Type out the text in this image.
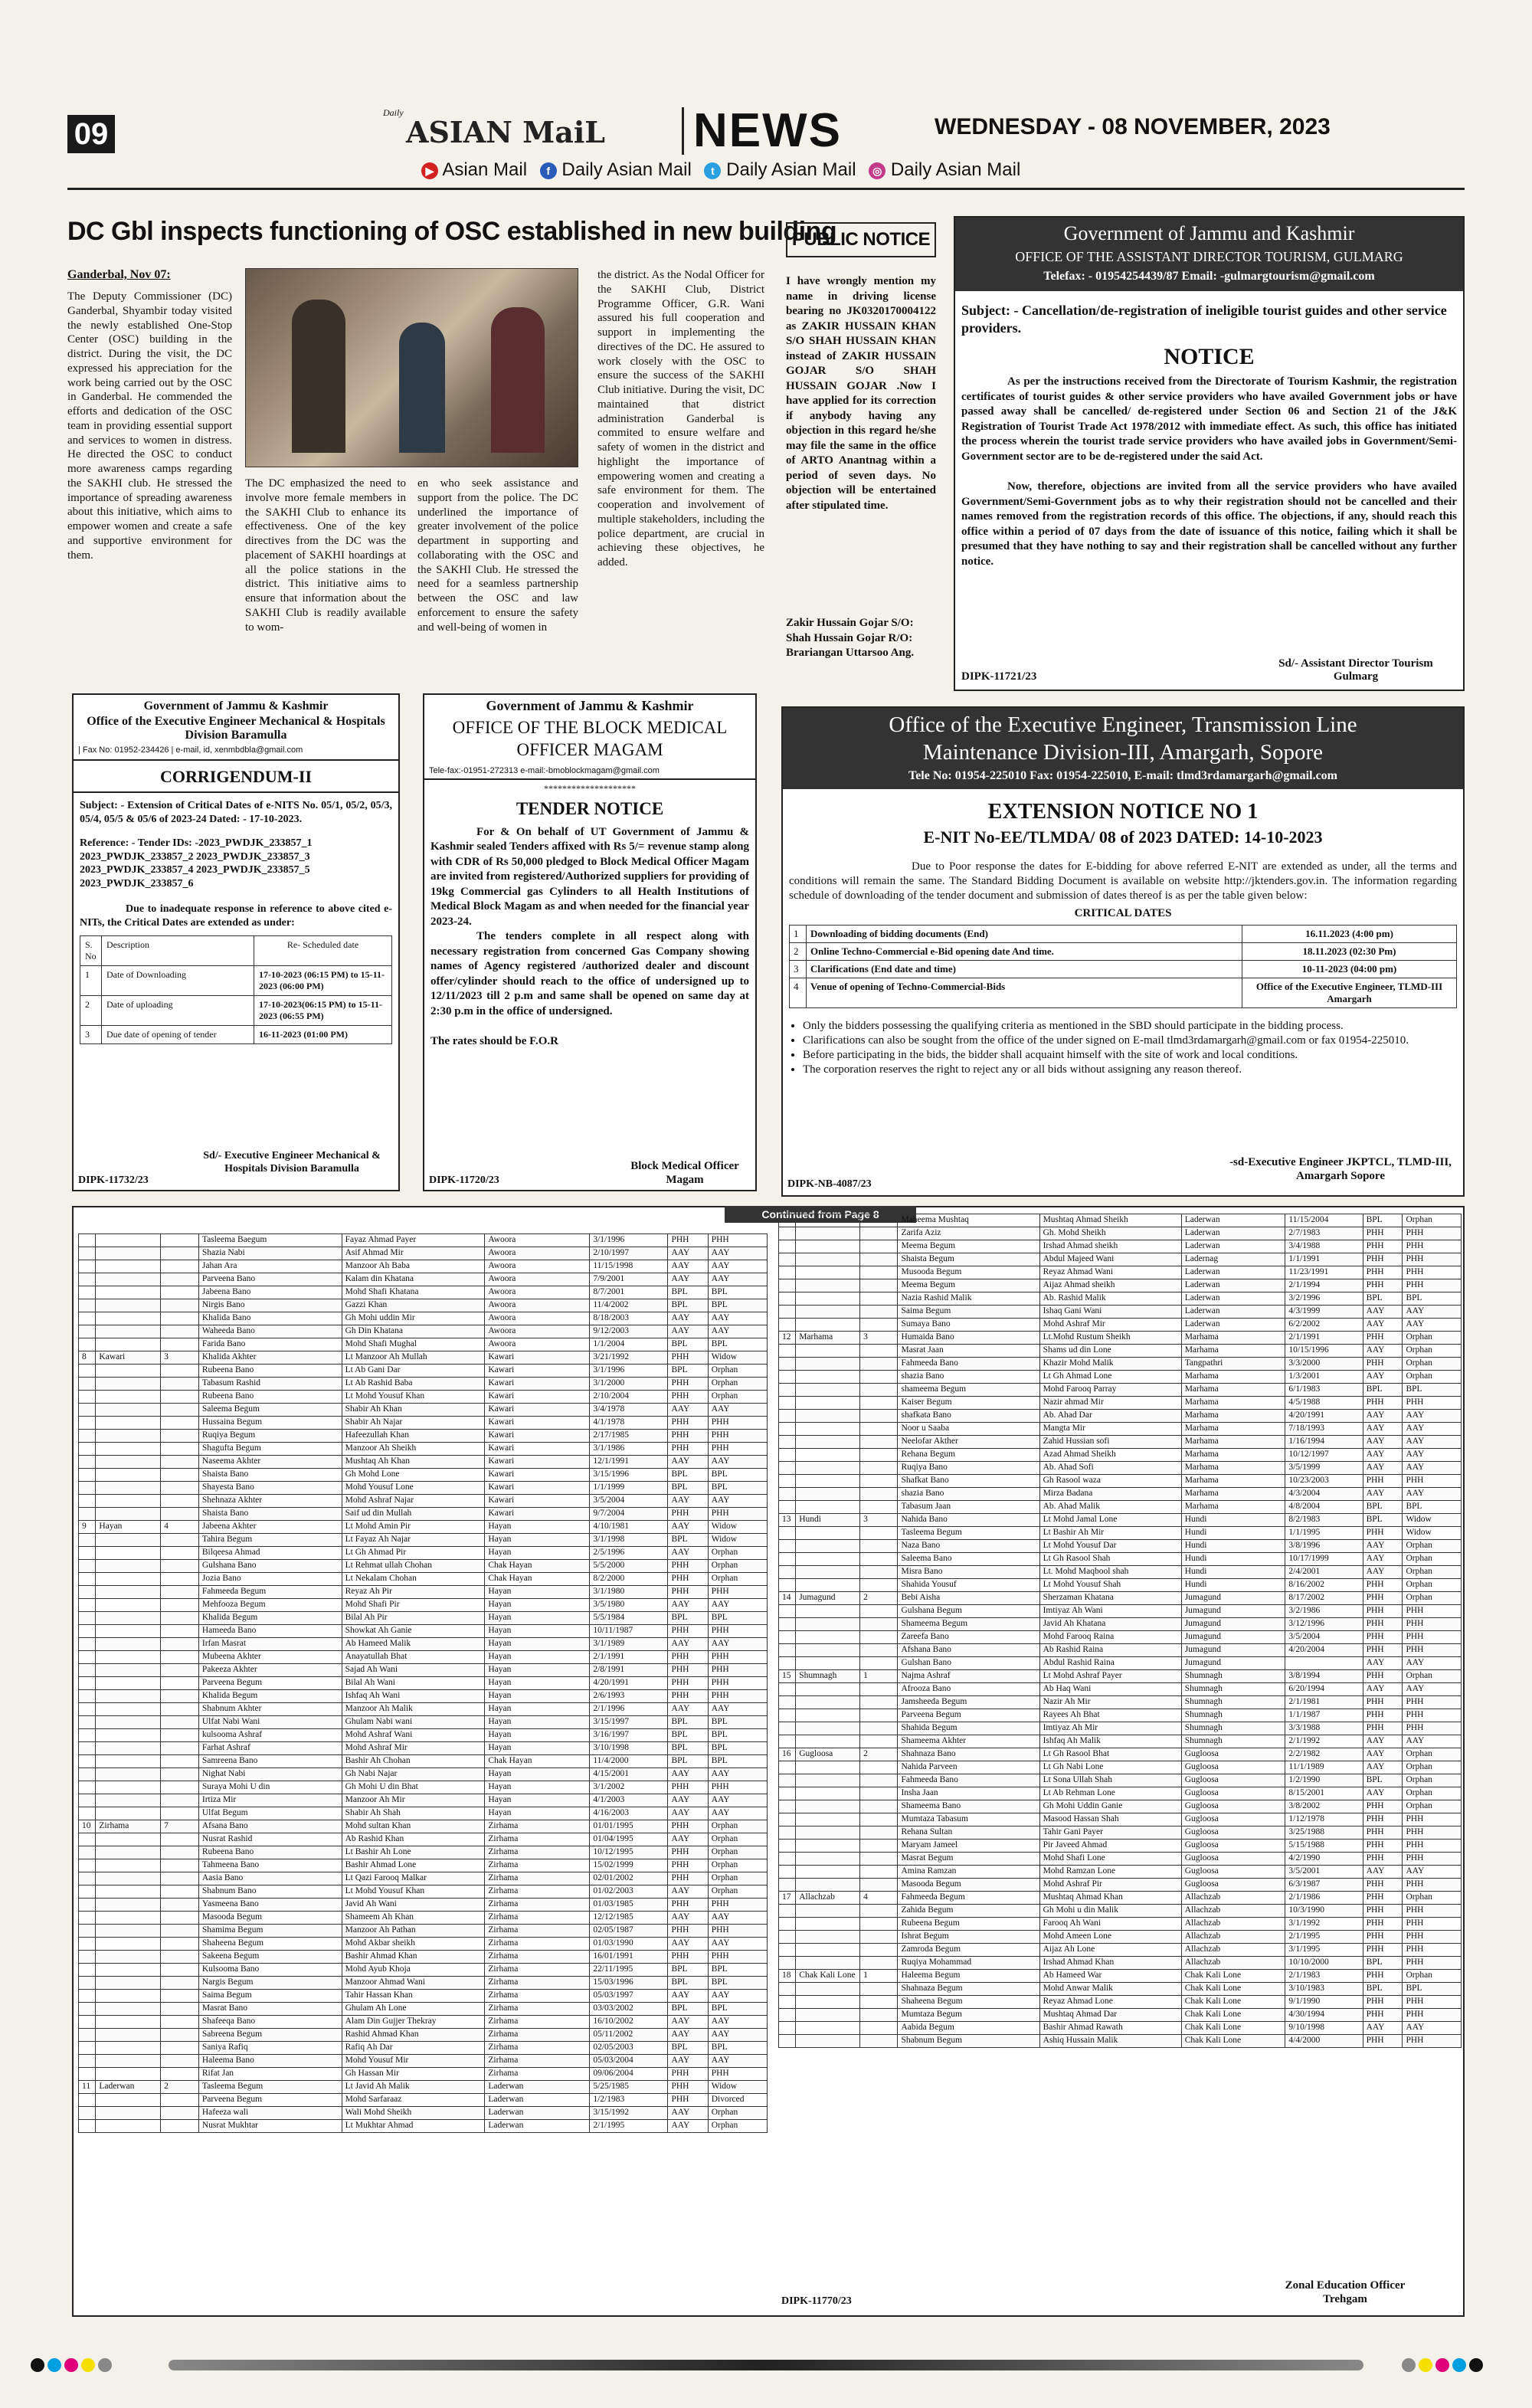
09
Daily
ASIAN MaiL	NEWS	WEDNESDAY - 08 NOVEMBER, 2023
▶ Asian Mail f Daily Asian Mail t Daily Asian Mail ◎ Daily Asian Mail
DC Gbl inspects functioning of OSC established in new building
Ganderbal, Nov 07:

The Deputy Commissioner (DC) Ganderbal, Shyambir today visited the newly established One-Stop Center (OSC) building in the district. During the visit, the DC expressed his appreciation for the work being carried out by the OSC in Ganderbal. He commended the efforts and dedication of the OSC team in providing essential support and services to women in distress. He directed the OSC to conduct more awareness camps regarding the SAKHI club. He stressed the importance of spreading awareness about this initiative, which aims to empower women and create a safe and supportive environment for them.

The DC emphasized the need to involve more female members in the SAKHI Club to enhance its effectiveness. One of the key directives from the DC was the placement of SAKHI hoardings at all the police stations in the district. This initiative aims to ensure that information about the SAKHI Club is readily available to wom-

en who seek assistance and support from the police. The DC underlined the importance of greater involvement of the police department in supporting and collaborating with the OSC and the SAKHI Club. He stressed the need for a seamless partnership between the OSC and law enforcement to ensure the safety and well-being of women in

the district. As the Nodal Officer for the SAKHI Club, District Programme Officer, G.R. Wani assured his full cooperation and support in implementing the directives of the DC. He assured to work closely with the OSC to ensure the success of the SAKHI Club initiative. During the visit, DC maintained that district administration Ganderbal is commited to ensure welfare and safety of women in the district and highlight the importance of empowering women and creating a safe environment for them. The cooperation and involvement of multiple stakeholders, including the police department, are crucial in achieving these objectives, he added.

PUBLIC NOTICE

I have wrongly mention my name in driving license bearing no JK0320170004122 as ZAKIR HUSSAIN KHAN S/O SHAH HUSSAIN KHAN instead of ZAKIR HUSSAIN GOJAR S/O SHAH HUSSAIN GOJAR .Now I have applied for its correction if anybody having any objection in this regard he/she may file the same in the office of ARTO Anantnag within a period of seven days. No objection will be entertained after stipulated time.

Zakir Hussain Gojar S/O: Shah Hussain Gojar R/O: Brariangan Uttarsoo Ang.

Government of Jammu and Kashmir
OFFICE OF THE ASSISTANT DIRECTOR TOURISM, GULMARG
Telefax: - 01954254439/87 Email: -gulmargtourism@gmail.com

Subject: - Cancellation/de-registration of ineligible tourist guides and other service providers.

NOTICE

As per the instructions received from the Directorate of Tourism Kashmir, the registration certificates of tourist guides & other service providers who have availed Government jobs or have passed away shall be cancelled/ de-registered under Section 06 and Section 21 of the J&K Registration of Tourist Trade Act 1978/2012 with immediate effect. As such, this office has initiated the process wherein the tourist trade service providers who have availed jobs in Government/Semi-Government sector are to be de-registered under the said Act.

Now, therefore, objections are invited from all the service providers who have availed Government/Semi-Government jobs as to why their registration should not be cancelled and their names removed from the registration records of this office. The objections, if any, should reach this office within a period of 07 days from the date of issuance of this notice, failing which it shall be presumed that they have nothing to say and their registration shall be cancelled without any further notice.

DIPK-11721/23
Sd/- Assistant Director Tourism Gulmarg
Government of Jammu & Kashmir
Office of the Executive Engineer Mechanical & Hospitals Division Baramulla
| Fax No: 01952-234426 | e-mail, id, xenmbdbla@gmail.com
CORRIGENDUM-II

Subject: - Extension of Critical Dates of e-NITS No. 05/1, 05/2, 05/3, 05/4, 05/5 & 05/6 of 2023-24 Dated: - 17-10-2023.

Reference: - Tender IDs: -2023_PWDJK_233857_1 2023_PWDJK_233857_2 2023_PWDJK_233857_3 2023_PWDJK_233857_4 2023_PWDJK_233857_5 2023_PWDJK_233857_6

Due to inadequate response in reference to above cited e-NITs, the Critical Dates are extended as under:

S. No	Description	Re- Scheduled date
1	Date of Downloading	17-10-2023 (06:15 PM) to 15-11-2023 (06:00 PM)
2	Date of uploading	17-10-2023(06:15 PM) to 15-11-2023 (06:55 PM)
3	Due date of opening of tender	16-11-2023 (01:00 PM)
Sd/- Executive Engineer Mechanical & Hospitals Division Baramulla
DIPK-11732/23
Government of Jammu & Kashmir
OFFICE OF THE BLOCK MEDICAL OFFICER MAGAM
Tele-fax:-01951-272313 e-mail:-bmoblockmagam@gmail.com
********************
TENDER NOTICE

For & On behalf of UT Government of Jammu & Kashmir sealed Tenders affixed with Rs 5/= revenue stamp along with CDR of Rs 50,000 pledged to Block Medical Officer Magam are invited from registered/Authorized suppliers for providing of 19kg Commercial gas Cylinders to all Health Institutions of Medical Block Magam as and when needed for the financial year 2023-24.

The tenders complete in all respect along with necessary registration from concerned Gas Company showing names of Agency registered /authorized dealer and discount offer/cylinder should reach to the office of undersigned up to 12/11/2023 till 2 p.m and same shall be opened on same day at 2:30 p.m in the office of undersigned.

The rates should be F.O.R

Block Medical Officer Magam
DIPK-11720/23
Office of the Executive Engineer, Transmission Line Maintenance Division-III, Amargarh, Sopore
Tele No: 01954-225010 Fax: 01954-225010, E-mail: tlmd3rdamargarh@gmail.com
EXTENSION NOTICE NO 1
E-NIT No-EE/TLMDA/ 08 of 2023 DATED: 14-10-2023

Due to Poor response the dates for E-bidding for above referred E-NIT are extended as under, all the terms and conditions will remain the same. The Standard Bidding Document is available on website http://jktenders.gov.in. The information regarding schedule of downloading of the tender document and submission of dates thereof is as per the table given below:

CRITICAL DATES
1	Downloading of bidding documents (End)	16.11.2023 (4:00 pm)
2	Online Techno-Commercial e-Bid opening date And time.	18.11.2023 (02:30 Pm)
3	Clarifications (End date and time)	10-11-2023 (04:00 pm)
4	Venue of opening of Techno-Commercial-Bids	Office of the Executive Engineer, TLMD-III Amargarh
• Only the bidders possessing the qualifying criteria as mentioned in the SBD should participate in the bidding process.
• Clarifications can also be sought from the office of the under signed on E-mail tlmd3rdamargarh@gmail.com or fax 01954-225010.
• Before participating in the bids, the bidder shall acquaint himself with the site of work and local conditions.
• The corporation reserves the right to reject any or all bids without assigning any reason thereof.
-sd-Executive Engineer JKPTCL, TLMD-III, Amargarh Sopore
DIPK-NB-4087/23
Continued from Page 8
			Tasleema Baegum	Fayaz Ahmad Payer	Awoora	3/1/1996	PHH	PHH
			Shazia Nabi	Asif Ahmad Mir	Awoora	2/10/1997	AAY	AAY
			Jahan Ara	Manzoor Ah Baba	Awoora	11/15/1998	AAY	AAY
			Parveena Bano	Kalam din Khatana	Awoora	7/9/2001	AAY	AAY
			Jabeena Bano	Mohd Shafi Khatana	Awoora	8/7/2001	BPL	BPL
			Nirgis Bano	Gazzi Khan	Awoora	11/4/2002	BPL	BPL
			Khalida Bano	Gh Mohi uddin Mir	Awoora	8/18/2003	AAY	AAY
			Waheeda Bano	Gh Din Khatana	Awoora	9/12/2003	AAY	AAY
			Farida Bano	Mohd Shafi Mughal	Awoora	1/1/2004	BPL	BPL
8	Kawari	3	Khalida Akhter	Lt Manzoor Ah Mullah	Kawari	3/21/1992	PHH	Widow
			Rubeena Bano	Lt Ab Gani Dar	Kawari	3/1/1996	BPL	Orphan
			Tabasum Rashid	Lt Ab Rashid Baba	Kawari	3/1/2000	PHH	Orphan
			Rubeena Bano	Lt Mohd Yousuf Khan	Kawari	2/10/2004	PHH	Orphan
			Saleema Begum	Shabir Ah Khan	Kawari	3/4/1978	AAY	AAY
			Hussaina Begum	Shabir Ah Najar	Kawari	4/1/1978	PHH	PHH
			Ruqiya Begum	Hafeezullah Khan	Kawari	2/17/1985	PHH	PHH
			Shagufta Begum	Manzoor Ah Sheikh	Kawari	3/1/1986	PHH	PHH
			Naseema Akhter	Mushtaq Ah Khan	Kawari	12/1/1991	AAY	AAY
			Shaista Bano	Gh Mohd Lone	Kawari	3/15/1996	BPL	BPL
			Shayesta Bano	Mohd Yousuf Lone	Kawari	1/1/1999	BPL	BPL
			Shehnaza Akhter	Mohd Ashraf Najar	Kawari	3/5/2004	AAY	AAY
			Shaista Bano	Saif ud din Mullah	Kawari	9/7/2004	PHH	PHH
9	Hayan	4	Jabeena Akhter	Lt Mohd Amin Pir	Hayan	4/10/1981	AAY	Widow
			Tahira Begum	Lt Fayaz Ah Najar	Hayan	3/1/1998	BPL	Widow
			Bilqeesa Ahmad	Lt Gh Ahmad Pir	Hayan	2/5/1996	AAY	Orphan
			Gulshana Bano	Lt Rehmat ullah Chohan	Chak Hayan	5/5/2000	PHH	Orphan
			Jozia Bano	Lt Nekalam Chohan	Chak Hayan	8/2/2000	PHH	Orphan
			Fahmeeda Begum	Reyaz Ah Pir	Hayan	3/1/1980	PHH	PHH
			Mehfooza Begum	Mohd Shafi Pir	Hayan	3/5/1980	AAY	AAY
			Khalida Begum	Bilal Ah Pir	Hayan	5/5/1984	BPL	BPL
			Hameeda Bano	Showkat Ah Ganie	Hayan	10/11/1987	PHH	PHH
			Irfan Masrat	Ab Hameed Malik	Hayan	3/1/1989	AAY	AAY
			Mubeena Akhter	Anayatullah Bhat	Hayan	2/1/1991	PHH	PHH
			Pakeeza Akhter	Sajad Ah Wani	Hayan	2/8/1991	PHH	PHH
			Parveena Begum	Bilal Ah Wani	Hayan	4/20/1991	PHH	PHH
			Khalida Begum	Ishfaq Ah Wani	Hayan	2/6/1993	PHH	PHH
			Shabnum Akhter	Manzoor Ah Malik	Hayan	2/1/1996	AAY	AAY
			Ulfat Nabi Wani	Ghulam Nabi wani	Hayan	3/15/1997	BPL	BPL
			kulsooma Ashraf	Mohd Ashraf Wani	Hayan	3/16/1997	BPL	BPL
			Farhat Ashraf	Mohd Ashraf Mir	Hayan	3/10/1998	BPL	BPL
			Samreena Bano	Bashir Ah Chohan	Chak Hayan	11/4/2000	BPL	BPL
			Nighat Nabi	Gh Nabi Najar	Hayan	4/15/2001	AAY	AAY
			Suraya Mohi U din	Gh Mohi U din Bhat	Hayan	3/1/2002	PHH	PHH
			Irtiza Mir	Manzoor Ah Mir	Hayan	4/1/2003	AAY	AAY
			Ulfat Begum	Shabir Ah Shah	Hayan	4/16/2003	AAY	AAY
10	Zirhama	7	Afsana Bano	Mohd sultan Khan	Zirhama	01/01/1995	PHH	Orphan
			Nusrat Rashid	Ab Rashid Khan	Zirhama	01/04/1995	AAY	Orphan
			Rubeena Bano	Lt Bashir Ah Lone	Zirhama	10/12/1995	PHH	Orphan
			Tahmeena Bano	Bashir Ahmad Lone	Zirhama	15/02/1999	PHH	Orphan
			Aasia Bano	Lt Qazi Farooq Malkar	Zirhama	02/01/2002	PHH	Orphan
			Shabnum Bano	Lt Mohd Yousuf Khan	Zirhama	01/02/2003	AAY	Orphan
			Yasmeena Bano	Javid Ah Wani	Zirhama	01/03/1985	PHH	PHH
			Masooda Begum	Shameem Ah Khan	Zirhama	12/12/1985	AAY	AAY
			Shamima Begum	Manzoor Ah Pathan	Zirhama	02/05/1987	PHH	PHH
			Shaheena Begum	Mohd Akbar sheikh	Zirhama	01/03/1990	AAY	AAY
			Sakeena Begum	Bashir Ahmad Khan	Zirhama	16/01/1991	PHH	PHH
			Kulsooma Bano	Mohd Ayub Khoja	Zirhama	22/11/1995	BPL	BPL
			Nargis Begum	Manzoor Ahmad Wani	Zirhama	15/03/1996	BPL	BPL
			Saima Begum	Tahir Hassan Khan	Zirhama	05/03/1997	AAY	AAY
			Masrat Bano	Ghulam Ah Lone	Zirhama	03/03/2002	BPL	BPL
			Shafeeqa Bano	Alam Din Gujjer Thekray	Zirhama	16/10/2002	AAY	AAY
			Sabreena Begum	Rashid Ahmad Khan	Zirhama	05/11/2002	AAY	AAY
			Saniya Rafiq	Rafiq Ah Dar	Zirhama	02/05/2003	BPL	BPL
			Haleema Bano	Mohd Yousuf Mir	Zirhama	05/03/2004	AAY	AAY
			Rifat Jan	Gh Hassan Mir	Zirhama	09/06/2004	PHH	PHH
11	Laderwan	2	Tasleema Begum	Lt Javid Ah Malik	Laderwan	5/25/1985	PHH	Widow
			Parveena Begum	Mohd Sarfaraaz	Laderwan	1/2/1983	PHH	Divorced
			Hafeeza wali	Wali Mohd Sheikh	Laderwan	3/15/1992	AAY	Orphan
			Nusrat Mukhtar	Lt Mukhtar Ahmad	Laderwan	2/1/1995	AAY	Orphan
			Maheema Mushtaq	Mushtaq Ahmad Sheikh	Laderwan	11/15/2004	BPL	Orphan
			Zarifa Aziz	Gh. Mohd Sheikh	Laderwan	2/7/1983	PHH	PHH
			Meema Begum	Irshad Ahmad sheikh	Laderwan	3/4/1988	PHH	PHH
			Shaista Begum	Abdul Majeed Wani	Ladernag	1/1/1991	PHH	PHH
			Musooda Begum	Reyaz Ahmad Wani	Laderwan	11/23/1991	PHH	PHH
			Meema Begum	Aijaz Ahmad sheikh	Laderwan	2/1/1994	PHH	PHH
			Nazia Rashid Malik	Ab. Rashid Malik	Laderwan	3/2/1996	BPL	BPL
			Saima Begum	Ishaq Gani Wani	Laderwan	4/3/1999	AAY	AAY
			Sumaya Bano	Mohd Ashraf Mir	Laderwan	6/2/2002	AAY	AAY
12	Marhama	3	Humaida Bano	Lt.Mohd Rustum Sheikh	Marhama	2/1/1991	PHH	Orphan
			Masrat Jaan	Shams ud din Lone	Marhama	10/15/1996	AAY	Orphan
			Fahmeeda Bano	Khazir Mohd Malik	Tangpathri	3/3/2000	PHH	Orphan
			shazia Bano	Lt Gh Ahmad Lone	Marhama	1/3/2001	AAY	Orphan
			shameema Begum	Mohd Farooq Parray	Marhama	6/1/1983	BPL	BPL
			Kaiser Begum	Nazir ahmad Mir	Marhama	4/5/1988	PHH	PHH
			shafkata Bano	Ab. Ahad Dar	Marhama	4/20/1991	AAY	AAY
			Noor u Saaba	Mangta Mir	Marhama	7/18/1993	AAY	AAY
			Neelofar Akther	Zahid Hussian sofi	Marhama	1/16/1994	AAY	AAY
			Rehana Begum	Azad Ahmad Sheikh	Marhama	10/12/1997	AAY	AAY
			Ruqiya Bano	Ab. Ahad Sofi	Marhama	3/5/1999	AAY	AAY
			Shafkat Bano	Gh Rasool waza	Marhama	10/23/2003	PHH	PHH
			shazia Bano	Mirza Badana	Marhama	4/3/2004	AAY	AAY
			Tabasum Jaan	Ab. Ahad Malik	Marhama	4/8/2004	BPL	BPL
13	Hundi	3	Nahida Bano	Lt Mohd Jamal Lone	Hundi	8/2/1983	BPL	Widow
			Tasleema Begum	Lt Bashir Ah Mir	Hundi	1/1/1995	PHH	Widow
			Naza Bano	Lt Mohd Yousuf Dar	Hundi	3/8/1996	AAY	Orphan
			Saleema Bano	Lt Gh Rasool Shah	Hundi	10/17/1999	AAY	Orphan
			Misra Bano	Lt. Mohd Maqbool shah	Hundi	2/4/2001	AAY	Orphan
			Shahida Yousuf	Lt Mohd Yousuf Shah	Hundi	8/16/2002	PHH	Orphan
14	Jumagund	2	Bebi Aisha	Sherzaman Khatana	Jumagund	8/17/2002	PHH	Orphan
			Gulshana Begum	Imtiyaz Ah Wani	Jumagund	3/2/1986	PHH	PHH
			Shameema Begum	Javid Ah Khatana	Jumagund	3/12/1996	PHH	PHH
			Zareefa Bano	Mohd Farooq Raina	Jumagund	3/5/2004	PHH	PHH
			Afshana Bano	Ab Rashid Raina	Jumagund	4/20/2004	PHH	PHH
			Gulshan Bano	Abdul Rashid Raina	Jumagund		AAY	AAY
15	Shumnagh	1	Najma Ashraf	Lt Mohd Ashraf Payer	Shumnagh	3/8/1994	PHH	Orphan
			Afrooza Bano	Ab Haq Wani	Shumnagh	6/20/1994	AAY	AAY
			Jamsheeda Begum	Nazir Ah Mir	Shumnagh	2/1/1981	PHH	PHH
			Parveena Begum	Rayees Ah Bhat	Shumnagh	1/1/1987	PHH	PHH
			Shahida Begum	Imtiyaz Ah Mir	Shumnagh	3/3/1988	PHH	PHH
			Shameema Akhter	Ishfaq Ah Malik	Shumnagh	2/1/1992	AAY	AAY
16	Gugloosa	2	Shahnaza Bano	Lt Gh Rasool Bhat	Gugloosa	2/2/1982	AAY	Orphan
			Nahida Parveen	Lt Gh Nabi Lone	Gugloosa	11/1/1989	AAY	Orphan
			Fahmeeda Bano	Lt Sona Ullah Shah	Gugloosa	1/2/1990	BPL	Orphan
			Insha Jaan	Lt Ab Rehman Lone	Gugloosa	8/15/2001	AAY	Orphan
			Shameema Bano	Gh Mohi Uddin Ganie	Gugloosa	3/8/2002	PHH	Orphan
			Mumtaza Tabasum	Masood Hassan Shah	Gugloosa	1/12/1978	PHH	PHH
			Rehana Sultan	Tahir Gani Payer	Gugloosa	3/25/1988	PHH	PHH
			Maryam Jameel	Pir Javeed Ahmad	Gugloosa	5/15/1988	PHH	PHH
			Masrat Begum	Mohd Shafi Lone	Gugloosa	4/2/1990	PHH	PHH
			Amina Ramzan	Mohd Ramzan Lone	Gugloosa	3/5/2001	AAY	AAY
			Masooda Begum	Mohd Ashraf Pir	Gugloosa	6/3/1987	PHH	PHH
17	Allachzab	4	Fahmeeda Begum	Mushtaq Ahmad Khan	Allachzab	2/1/1986	PHH	Orphan
			Zahida Begum	Gh Mohi u din Malik	Allachzab	10/3/1990	PHH	PHH
			Rubeena Begum	Farooq Ah Wani	Allachzab	3/1/1992	PHH	PHH
			Ishrat Begum	Mohd Ameen Lone	Allachzab	2/1/1995	PHH	PHH
			Zamroda Begum	Aijaz Ah Lone	Allachzab	3/1/1995	PHH	PHH
			Ruqiya Mohammad	Irshad Ahmad Khan	Allachzab	10/10/2000	BPL	PHH
18	Chak Kali Lone	1	Haleema Begum	Ab Hameed War	Chak Kali Lone	2/1/1983	PHH	Orphan
			Shahnaza Begum	Mohd Anwar Malik	Chak Kali Lone	3/10/1983	BPL	BPL
			Shaheena Begum	Reyaz Ahmad Lone	Chak Kali Lone	9/1/1990	PHH	PHH
			Mumtaza Begum	Mushtaq Ahmad Dar	Chak Kali Lone	4/30/1994	PHH	PHH
			Aabida Begum	Bashir Ahmad Rawath	Chak Kali Lone	9/10/1998	AAY	AAY
			Shabnum Begum	Ashiq Hussain Malik	Chak Kali Lone	4/4/2000	PHH	PHH
Zonal Education Officer Trehgam
DIPK-11770/23
